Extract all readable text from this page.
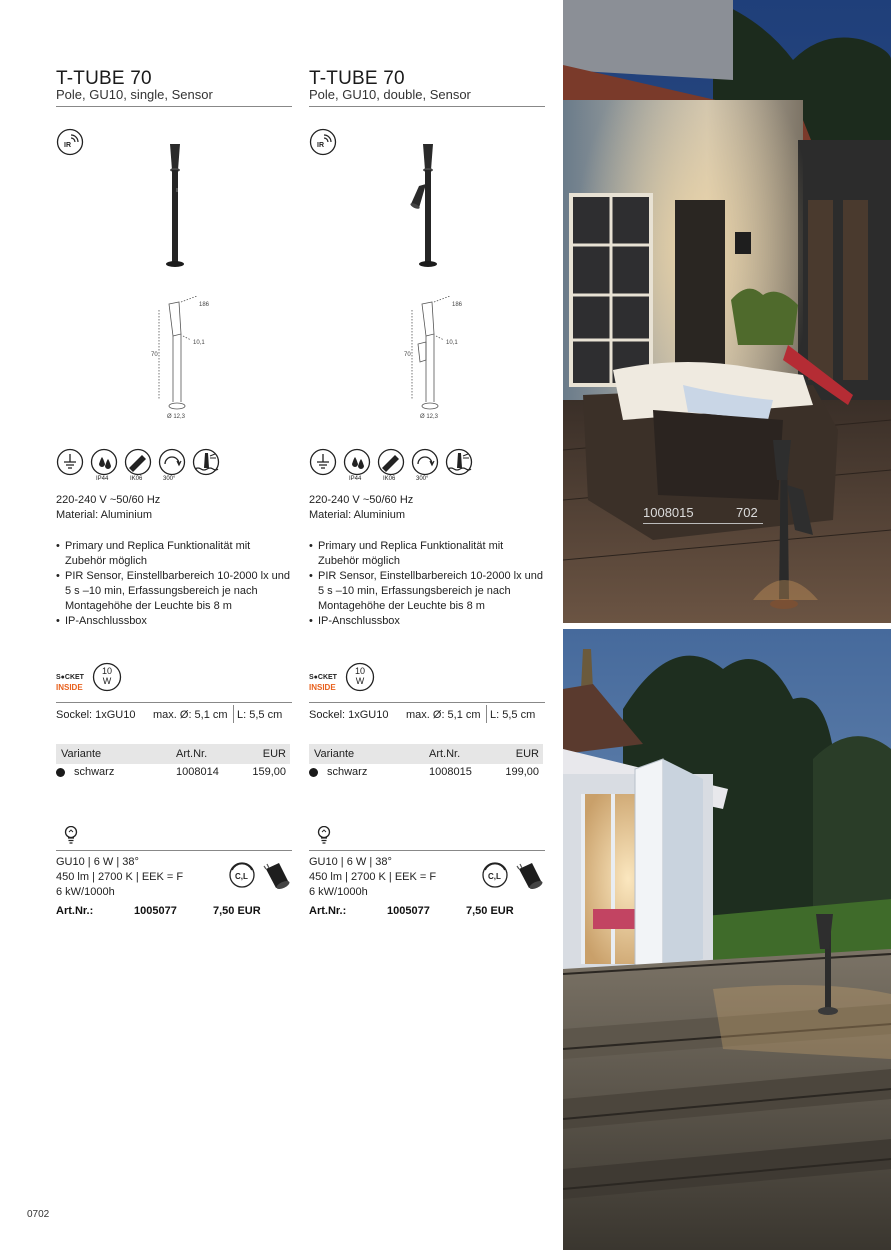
T-TUBE 70
Pole, GU10, single, Sensor
IR
186
10,1
70
Ø 12,3
IP44	IK06	300°
220-240 V ~50/60 Hz
Material: Aluminium
• Primary und Replica Funktionalität mit Zubehör möglich
• PIR Sensor, Einstellbarbereich 10-2000 lx und 5 s –10 min, Erfassungsbereich je nach Montagehöhe der Leuchte bis 8 m
• IP-Anschlussbox
S●CKET
INSIDE
10
W
Sockel: 1xGU10 max. Ø: 5,1 cm L: 5,5 cm
Variante	Art.Nr.	EUR
schwarz	1008014	159,00
GU10 | 6 W | 38°
450 lm | 2700 K | EEK = F
6 kW/1000h
C,L
Art.Nr.:	1005077	7,50 EUR
T-TUBE 70
Pole, GU10, double, Sensor
IR
186
10,1
70
Ø 12,3
IP44	IK06	300°
220-240 V ~50/60 Hz
Material: Aluminium
• Primary und Replica Funktionalität mit Zubehör möglich
• PIR Sensor, Einstellbarbereich 10-2000 lx und 5 s –10 min, Erfassungsbereich je nach Montagehöhe der Leuchte bis 8 m
• IP-Anschlussbox
S●CKET
INSIDE
10
W
Sockel: 1xGU10 max. Ø: 5,1 cm L: 5,5 cm
Variante	Art.Nr.	EUR
schwarz	1008015	199,00
GU10 | 6 W | 38°
450 lm | 2700 K | EEK = F
6 kW/1000h
C,L
Art.Nr.:	1005077	7,50 EUR
0702
1008015	702
